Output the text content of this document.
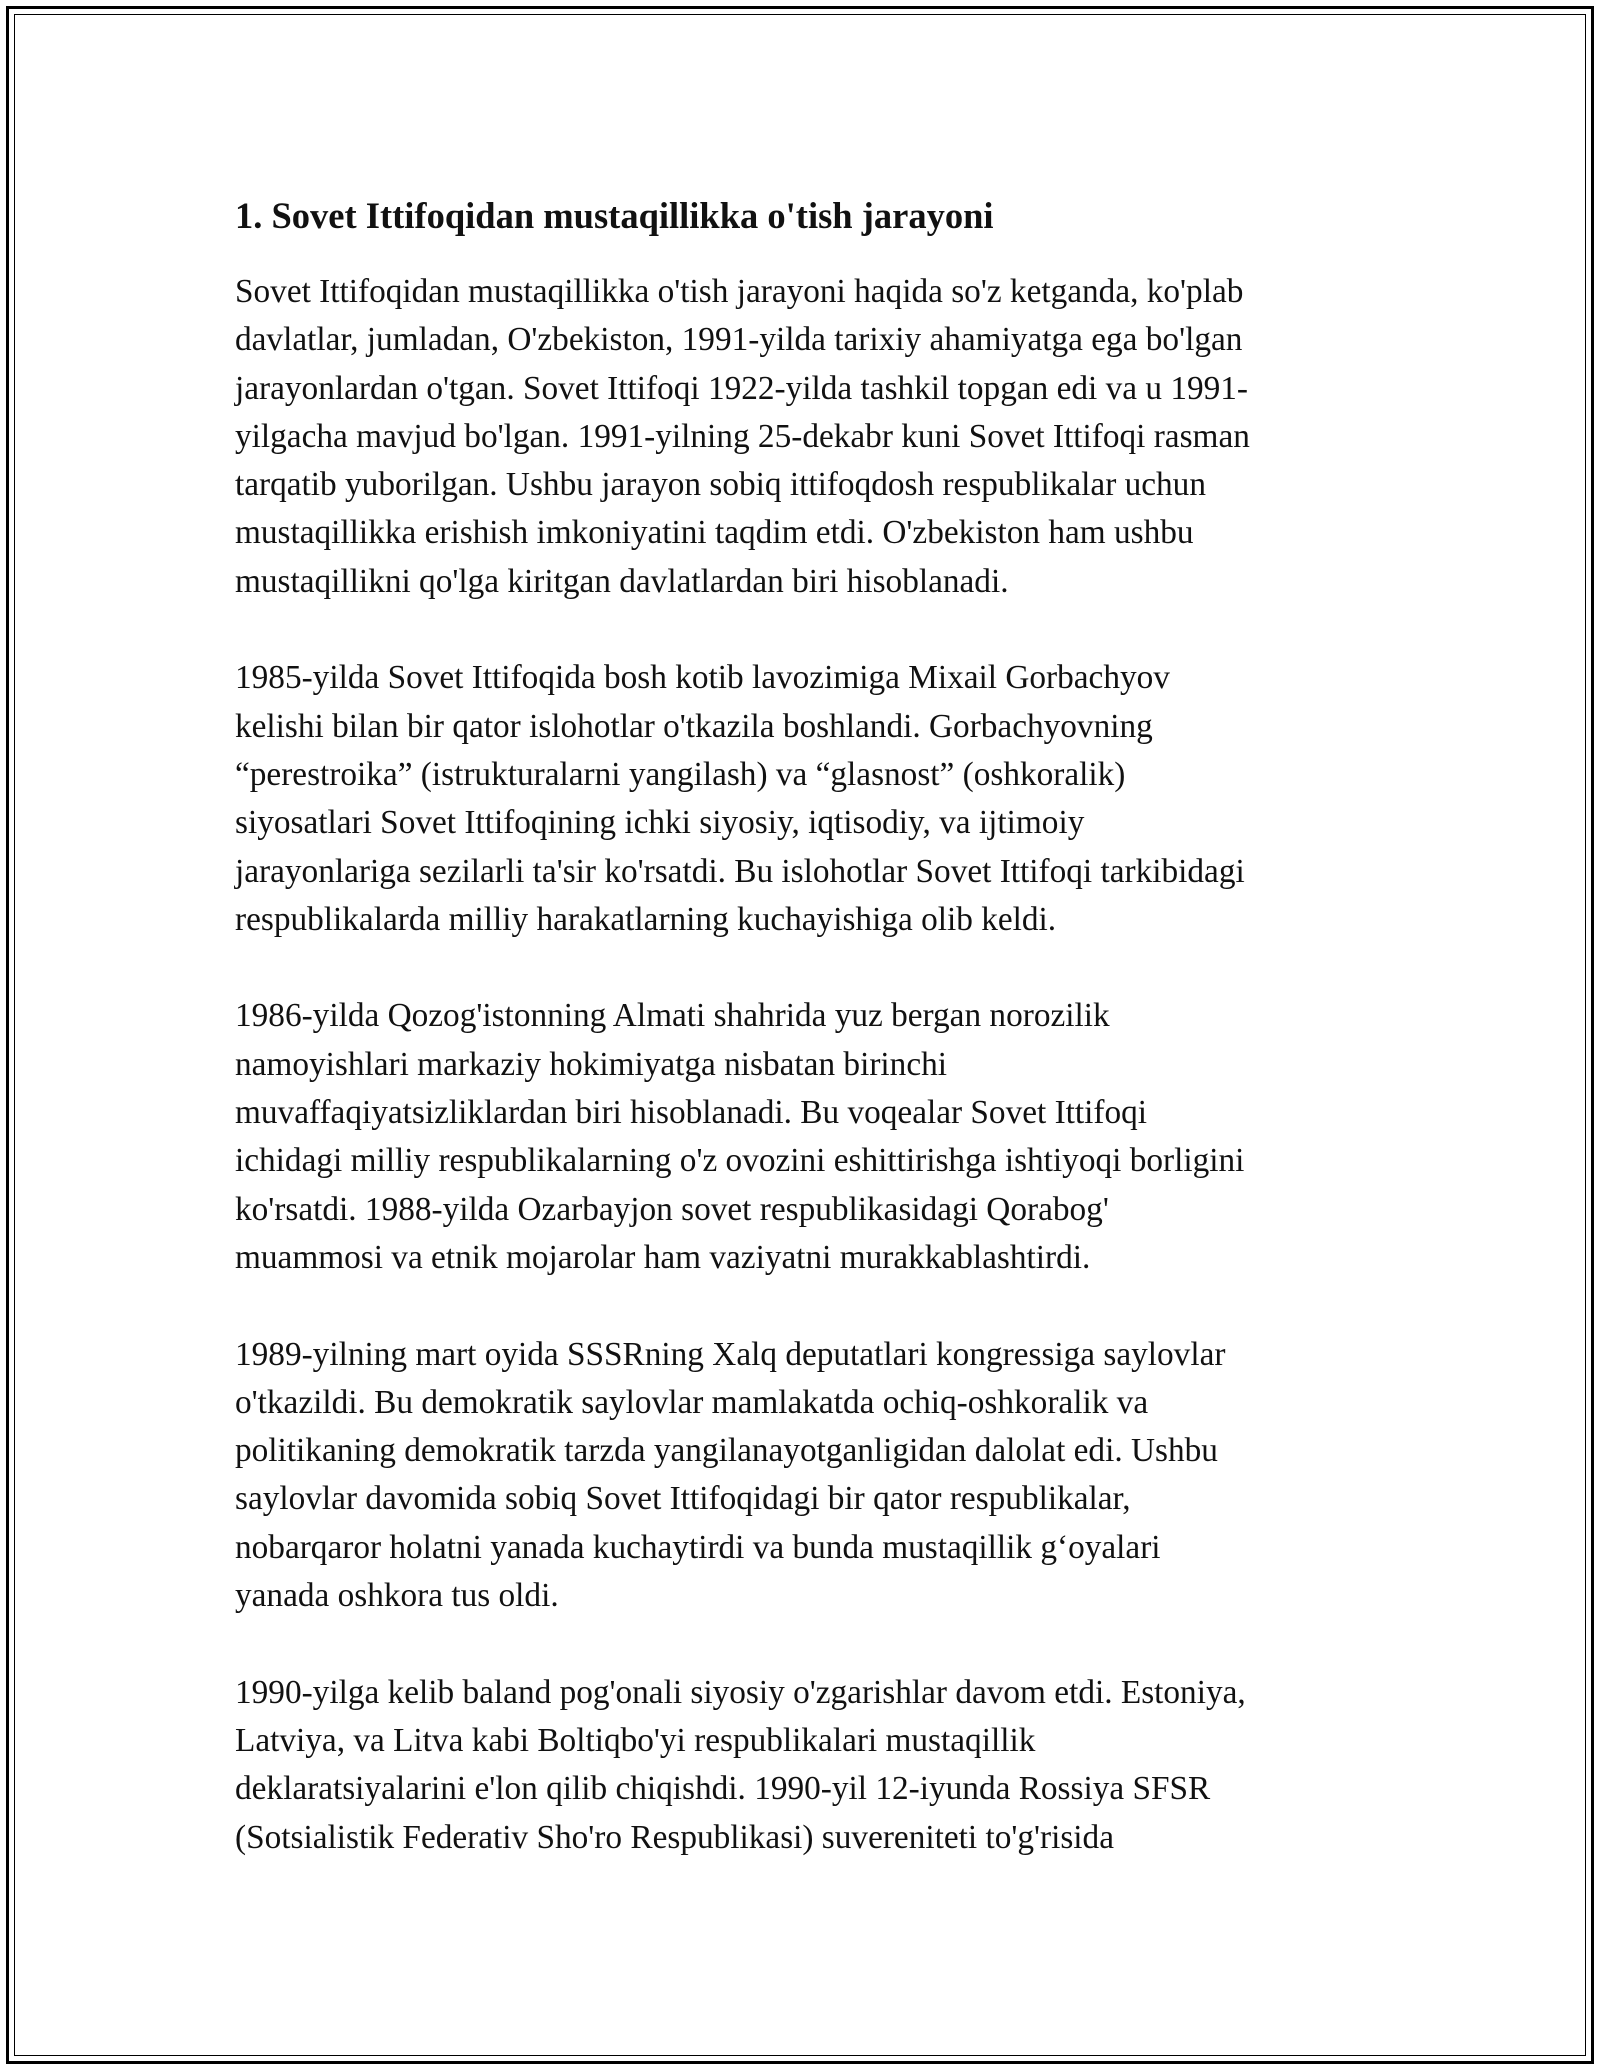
1. Sovet Ittifoqidan mustaqillikka o'tish jarayoni

Sovet Ittifoqidan mustaqillikka o'tish jarayoni haqida so'z ketganda, ko'plab
davlatlar, jumladan, O'zbekiston, 1991-yilda tarixiy ahamiyatga ega bo'lgan
jarayonlardan o'tgan. Sovet Ittifoqi 1922-yilda tashkil topgan edi va u 1991-
yilgacha mavjud bo'lgan. 1991-yilning 25-dekabr kuni Sovet Ittifoqi rasman
tarqatib yuborilgan. Ushbu jarayon sobiq ittifoqdosh respublikalar uchun
mustaqillikka erishish imkoniyatini taqdim etdi. O'zbekiston ham ushbu
mustaqillikni qo'lga kiritgan davlatlardan biri hisoblanadi.

1985-yilda Sovet Ittifoqida bosh kotib lavozimiga Mixail Gorbachyov
kelishi bilan bir qator islohotlar o'tkazila boshlandi. Gorbachyovning
“perestroika” (istrukturalarni yangilash) va “glasnost” (oshkoralik)
siyosatlari Sovet Ittifoqining ichki siyosiy, iqtisodiy, va ijtimoiy
jarayonlariga sezilarli ta'sir ko'rsatdi. Bu islohotlar Sovet Ittifoqi tarkibidagi
respublikalarda milliy harakatlarning kuchayishiga olib keldi.

1986-yilda Qozog'istonning Almati shahrida yuz bergan norozilik
namoyishlari markaziy hokimiyatga nisbatan birinchi
muvaffaqiyatsizliklardan biri hisoblanadi. Bu voqealar Sovet Ittifoqi
ichidagi milliy respublikalarning o'z ovozini eshittirishga ishtiyoqi borligini
ko'rsatdi. 1988-yilda Ozarbayjon sovet respublikasidagi Qorabog'
muammosi va etnik mojarolar ham vaziyatni murakkablashtirdi.

1989-yilning mart oyida SSSRning Xalq deputatlari kongressiga saylovlar
o'tkazildi. Bu demokratik saylovlar mamlakatda ochiq-oshkoralik va
politikaning demokratik tarzda yangilanayotganligidan dalolat edi. Ushbu
saylovlar davomida sobiq Sovet Ittifoqidagi bir qator respublikalar,
nobarqaror holatni yanada kuchaytirdi va bunda mustaqillik g‘oyalari
yanada oshkora tus oldi.

1990-yilga kelib baland pog'onali siyosiy o'zgarishlar davom etdi. Estoniya,
Latviya, va Litva kabi Boltiqbo'yi respublikalari mustaqillik
deklaratsiyalarini e'lon qilib chiqishdi. 1990-yil 12-iyunda Rossiya SFSR
(Sotsialistik Federativ Sho'ro Respublikasi) suvereniteti to'g'risida
